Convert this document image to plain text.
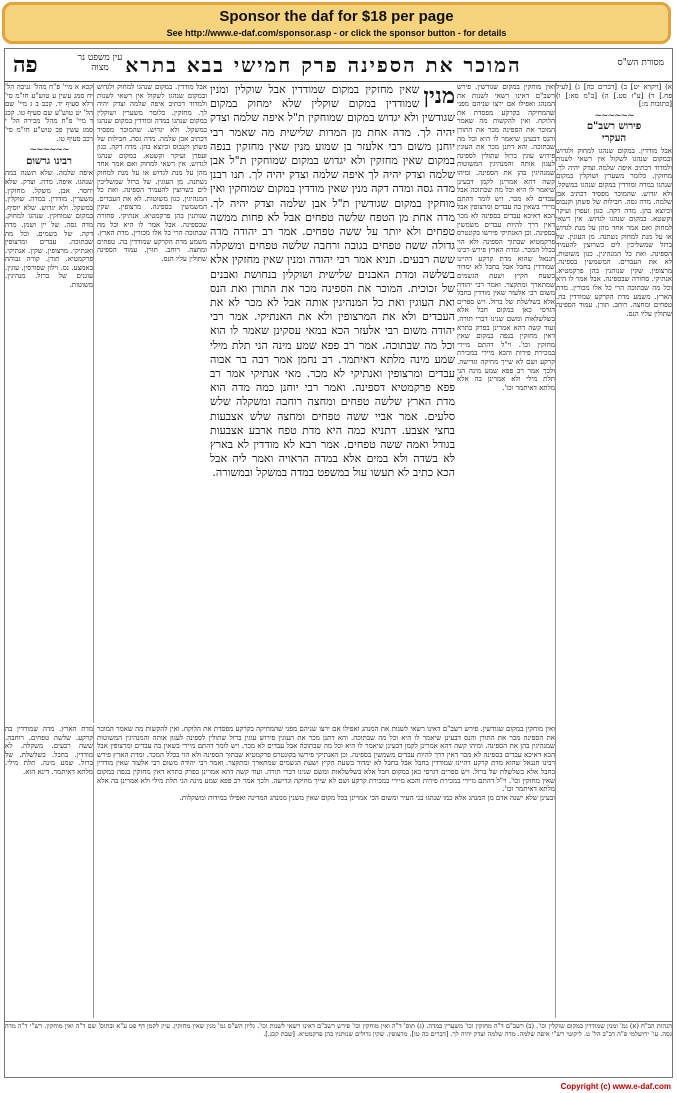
Sponsor the daf for $18 per page
See http://www.e-daf.com/sponsor.asp - or click the sponsor button - for details
מסורת הש"ס
המוכר את הספינה פרק חמישי בבא בתרא
עין משפט נר מצוה
פה

א) [ויקרא יט] ב) [דברים כה] ג) [לעיל פח.] ד) [ע"ז סט.] ה) [ב"מ סא:] ו) [כתובות מ:]

~~~~~~
פירוש רשב"ם
העקרי

אבל מודדין. במקום שנהגו למחוק ולגדוש ובמקום שנהגו לשקול אין רשאי לשנות ולמדוד דכתיב איפה שלמה וצדק יהיה לך. מחזקין. כלומר משערין ושוקלין במקום שנהגו במדה ומודדין במקום שנהגו במשקל. ולא יגדוש. שהמוכר מפסיד דכתיב אבן שלמה. מדה גסה. חבילות של פשתן וקנבוס וכיוצא בהן. מדה דקה. כגון זעפרן ועיקר וקשטא. במקום שנהגו לגדוש. אין רשאי למחוק ואם אמר אחד מהן על מנת לגדוש או על מנת למחוק נשתנה. מן העוגין. של ברזל שמשליכין לים כשרוצין להעמיד הספינה. ואת כל המנהיגין. כגון משוטות. לא את העבדים. המשמשין בספינה. מרצופין. שקין שנותנין בהן פרקמטיא. אנתיקי. סחורה שבספינה. אבל אמר לו היא וכל מה שבתוכה הרי כל אלו מכורין. מדת הארץ. משמע מדת הקרקע שמודדין בה. טפחים ומחצה. רוחב. תורן. עמוד הספינה שתולין עליו הנס.

ואין מוחקין במקום שגודשין. פירש רשב"ם דאינו רשאי לשנות את המנהג ואפילו אם ירצו שניהם מפני שהמחיקה בקרקע מפסדת את הלוקח. ואין להקשות מה שאמר המוכר את הספינה מכר את התורן והנס דבעינן שיאמר לו היא וכל מה שבתוכה. והא דתנן מכר את העוגין פירוש עוגין ברזל שתולין לספינה לעגון אותה והמנהיגין המשוטות שמנהיגין בהן את הספינה. ומיהו קשה דהא אמרינן לקמן דבעינן שיאמר לו היא וכל מה שבתוכה אבל עבדים לא מכר. ויש לומר דהתם מיירי בשאין בה עבדים ומרצופין אבל הכא דאיכא עבדים בספינה לא מכר דאין דרך להיות עבדים משמשין בספינה. וכן האנתיקי פירשו בקונטרס פרקמטיא שבתוך הספינה ולא הוי בכלל המכר. ומדת הארץ פירש רבינו חננאל שהוא מדת קרקע דהיינו שמודדין בחבל אבל בחבל לא ימדוד בשעת הקיץ ושעת הגשמים שמתארך ומתקצר. ואמר רבי יהודה משום רבי אלעזר שאין מודדין בחבל אלא בשלשלת של ברזל. ויש ספרים דגרסי כאן במקום חבל אלא בשלשלאות ומשם שנינו דברי תורה. ועוד קשה דהא אמרינן בפרק בתרא דאין מחזקין בנפה במקום שאין מחזקין וכו'. וי"ל דהתם מיירי במכירת פירות והכא מיירי במכירת קרקע ושם לא שייך מחיקה וגדישה. ולכך אמר רב פפא שמע מינה הני תלת מילי ולא אמרינן בה אלא מלתא דאיתמר וכו'.

מנין

שאין מחזקין במקום שמודדין אבל שוקלין ומנין שמודדין במקום שוקלין שלא ימחוק במקום שגודשין ולא יגדוש במקום שמוחקין ת"ל איפה שלמה וצדק יהיה לך. מדה אחת מן המדות שלישית מה שאמר רבי יוחנן משום רבי אלעזר בן שמוע מנין שאין מחזקין בנפה במקום שאין מחזקין ולא יגדוש במקום שמוחקין ת"ל אבן שלמה וצדק יהיה לך איפה שלמה וצדק יהיה לך. תנו רבנן מדה גסה ומדה דקה מנין שאין מודדין במקום שמוחקין ואין מוחקין במקום שגודשין ת"ל אבן שלמה וצדק יהיה לך. מדה אחת מן הטפח שלשה טפחים אבל לא פחות ממשה טפחים ולא יותר על ששה טפחים. אמר רב יהודה מדה גדולה ששה טפחים בגובה ורחבה שלשה טפחים ומשקלה ששה רבעים. תניא אמר רבי יהודה ומנין שאין מחזקין אלא בשלשה ומדת האבנים שלישית ושוקלין בנחושת ואבנים של זכוכית. המוכר את הספינה מכר את התורן ואת הנס ואת העוגין ואת כל המנהיגין אותה אבל לא מכר לא את העבדים ולא את המרצופין ולא את האנתיקי. אמר רבי יהודה משום רבי אלעזר הכא במאי עסקינן שאמר לו הוא וכל מה שבתוכה. אמר רב פפא שמע מינה הני תלת מילי שמע מינה מלתא דאיתמר. רב נחמן אמר רבה בר אבוה עבדים ומרצופין ואנתיקי לא מכר. מאי אנתיקי אמר רב פפא פרקמטיא דספינה. ואמר רבי יוחנן כמה מדה הוא מדת הארץ שלשה טפחים ומחצה רוחבה ומשקלה שלש סלעים. אמר אביי ששה טפחים ומחצה שלש אצבעות בחצי אצבע. דתניא כמה היא מדת טפח ארבע אצבעות בגודל ואמה ששה טפחים. אמר רבא לא מודדין לא בארץ לא בשדה ולא במים אלא במדה הראויה ואמר ליה אבל הכא כתיב לא תעשו עול במשפט במדה במשקל ובמשורה.

אבל מודדין. במקום שנהגו למחוק ולגדוש ובמקום שנהגו לשקול אין רשאי לשנות ולמדוד דכתיב איפה שלמה וצדק יהיה לך. מחזקין. כלומר משערין ושוקלין במקום שנהגו במדה ומודדין במקום שנהגו במשקל. ולא יגדוש. שהמוכר מפסיד דכתיב אבן שלמה. מדה גסה. חבילות של פשתן וקנבוס וכיוצא בהן. מדה דקה. כגון זעפרן ועיקר וקשטא. במקום שנהגו לגדוש. אין רשאי למחוק ואם אמר אחד מהן על מנת לגדוש או על מנת למחוק נשתנה. מן העוגין. של ברזל שמשליכין לים כשרוצין להעמיד הספינה. ואת כל המנהיגין. כגון משוטות. לא את העבדים. המשמשין בספינה. מרצופין. שקין שנותנין בהן פרקמטיא. אנתיקי. סחורה שבספינה. אבל אמר לו היא וכל מה שבתוכה הרי כל אלו מכורין. מדת הארץ. משמע מדת הקרקע שמודדין בה. טפחים ומחצה. רוחב. תורן. עמוד הספינה שתולין עליו הנס.

קכא א מיי' פ"ח מהל' גניבה הל' יח סמג עשין ע טוש"ע חו"מ סי' רלא סעיף יד. קכב ב ג מיי' שם הל' יט טוש"ע שם סעיף טו. קכג ד מיי' פ"ח מהל' מכירה הל' י סמג עשין פב טוש"ע חו"מ סי' רכב סעיף טו.

~~~~~~
רבינו גרשום

איפה שלמה. שלא תשנה במה שנהגו. איפה. מדה. וצדק. שלא יחסר. אבן. משקל. מחזקין. משערין. מודדין. במדה. שוקלין. במשקל. ולא יגדוש. שלא יוסיף. במקום שמוחקין. שנהגו למחוק. מדה גסה. של יין ושמן. מדה דקה. של בשמים. וכל מה שבתוכה. עבדים ומרצופין ואנתיקי. מרצופין. שקין. אנתיקי. פרקמטיא. תורן. קורה גבוהה באמצע. נס. וילון שפורסין. עוגין. עוגנים של ברזל. מנהיגין. משוטות.

מדת הארץ. מדה שמודדין בה קרקע. שלשה טפחים. רוחבה. ששה רבעים. משקלה. לא מודדין. בחבל. בשלשלת. של ברזל. שמע מינה. תלת מילי. מלתא דאיתמר. דינא הוא.

ואין מוחקין במקום שגודשין. פירש רשב"ם דאינו רשאי לשנות את המנהג ואפילו אם ירצו שניהם מפני שהמחיקה בקרקע מפסדת את הלוקח. ואין להקשות מה שאמר המוכר את הספינה מכר את התורן והנס דבעינן שיאמר לו היא וכל מה שבתוכה. והא דתנן מכר את העוגין פירוש עוגין ברזל שתולין לספינה לעגון אותה והמנהיגין המשוטות שמנהיגין בהן את הספינה. ומיהו קשה דהא אמרינן לקמן דבעינן שיאמר לו היא וכל מה שבתוכה אבל עבדים לא מכר. ויש לומר דהתם מיירי בשאין בה עבדים ומרצופין אבל הכא דאיכא עבדים בספינה לא מכר דאין דרך להיות עבדים משמשין בספינה. וכן האנתיקי פירשו בקונטרס פרקמטיא שבתוך הספינה ולא הוי בכלל המכר. ומדת הארץ פירש רבינו חננאל שהוא מדת קרקע דהיינו שמודדין בחבל אבל בחבל לא ימדוד בשעת הקיץ ושעת הגשמים שמתארך ומתקצר. ואמר רבי יהודה משום רבי אלעזר שאין מודדין בחבל אלא בשלשלת של ברזל. ויש ספרים דגרסי כאן במקום חבל אלא בשלשלאות ומשם שנינו דברי תורה. ועוד קשה דהא אמרינן בפרק בתרא דאין מחזקין בנפה במקום שאין מחזקין וכו'. וי"ל דהתם מיירי במכירת פירות והכא מיירי במכירת קרקע ושם לא שייך מחיקה וגדישה. ולכך אמר רב פפא שמע מינה הני תלת מילי ולא אמרינן בה אלא מלתא דאיתמר וכו'.

ובעינן שלא ישנה אדם מן המנהג אלא כמו שנהגו בני העיר ומשום הכי אמרינן בכל מקום שאין משנין ממנהג המדינה ואפילו במידות ומשקלות.

הגהות הב"ח (א) גמ' ומנין שמודדין במקום שוקלין וכו'. (ב) רשב"ם ד"ה מחזקין וכו' משערין במדה. (ג) תוס' ד"ה ואין מוחקין וכו' פירש רשב"ם דאינו רשאי לשנות וכו'. גליון הש"ס גמ' מנין שאין מחזקין. עיין לקמן דף פט ע"א ובתוס' שם ד"ה ואין מוחקין. רש"י ד"ה מדה גסה. עי' ירושלמי פ"ה דב"ב הל' ט. ליקוטי רש"י איפה שלמה. מדה שלמה וצדק יהיה לך. [דברים כה טו]. מרצופין. שקין גדולים שנותנין בהן פרקמטיא. [שבת קכג.].

Copyright (c) www.e-daf.com
